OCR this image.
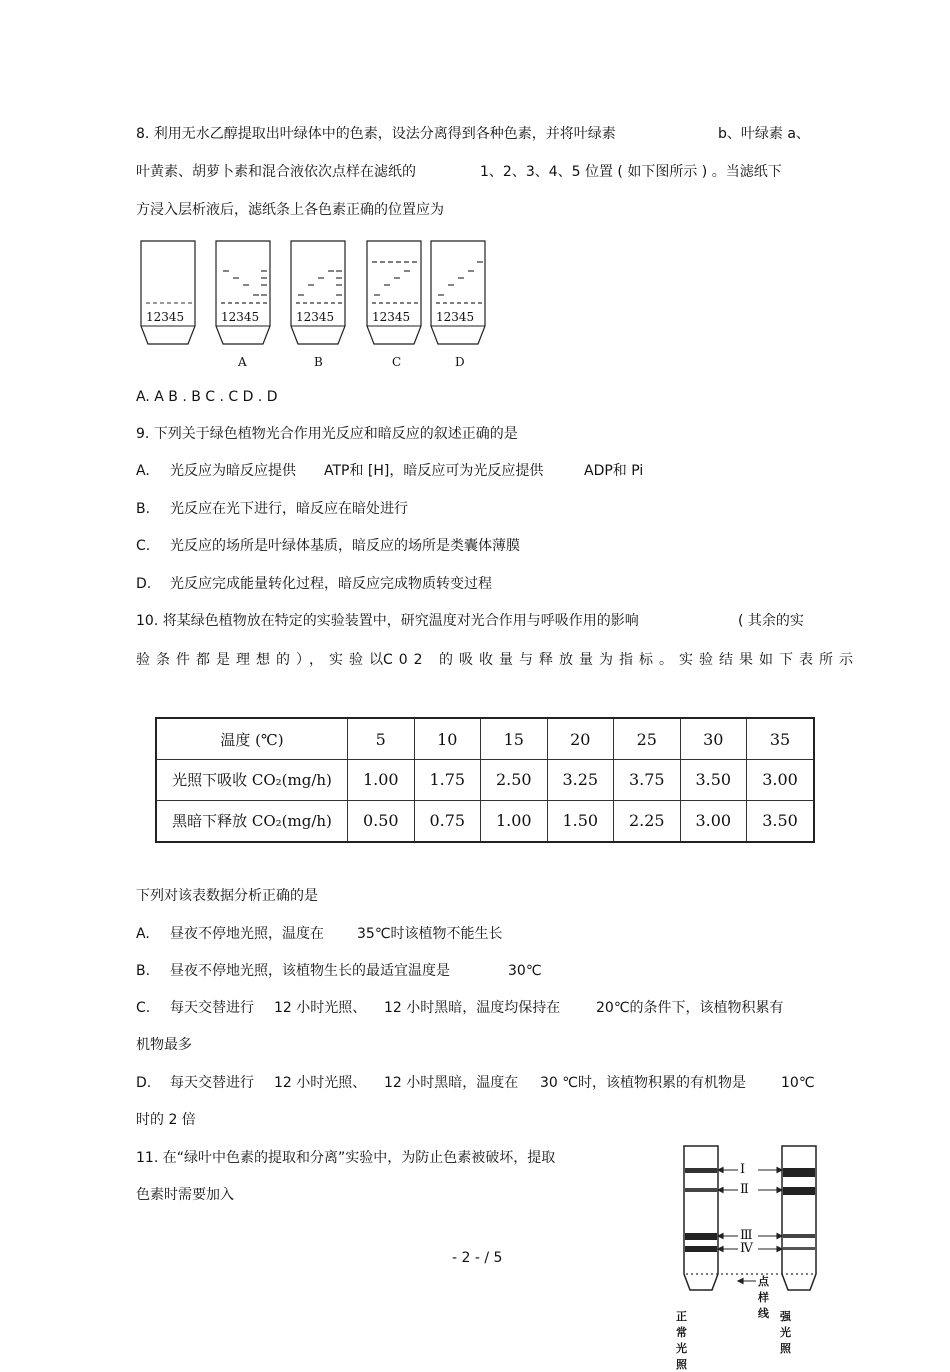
8. 利用无水乙醇提取出叶绿体中的色素，设法分离得到各种色素，并将叶绿素	b、叶绿素 a、
叶黄素、胡萝卜素和混合液依次点样在滤纸的	1、2、3、4、5 位置 ( 如下图所示 ) 。当滤纸下
方浸入层析液后，滤纸条上各色素正确的位置应为
12345	12345
A
12345
B
12345
C
12345
D
A. A B . B C . C D . D
9. 下列关于绿色植物光合作用光反应和暗反应的叙述正确的是
A. 光反应为暗反应提供 ATP和 [H]，暗反应可为光反应提供	ADP和 Pi
B. 光反应在光下进行，暗反应在暗处进行
C. 光反应的场所是叶绿体基质，暗反应的场所是类囊体薄膜
D. 光反应完成能量转化过程，暗反应完成物质转变过程
10. 将某绿色植物放在特定的实验装置中，研究温度对光合作用与呼吸作用的影响	( 其余的实
验条件都是理想的），实验以
C02 的吸收量与释放量为指标。实验结果如下表所示
温度 (℃)	5	10	15	20	25	30	35
光照下吸收 CO₂(mg/h)	1.00	1.75	2.50	3.25	3.75	3.50	3.00
黑暗下释放 CO₂(mg/h)	0.50	0.75	1.00	1.50	2.25	3.00	3.50
下列对该表数据分析正确的是
A. 昼夜不停地光照，温度在 35℃时该植物不能生长
B. 昼夜不停地光照，该植物生长的最适宜温度是	30℃
C. 每天交替进行 12 小时光照、 12 小时黑暗，温度均保持在	20℃的条件下，该植物积累有
机物最多
D. 每天交替进行 12 小时光照、 12 小时黑暗，温度在 30 ℃时，该植物积累的有机物是	10℃
时的 2 倍
11. 在“绿叶中色素的提取和分离”实验中，为防止色素被破坏，提取
色素时需要加入
Ⅰ
Ⅱ
Ⅲ
Ⅳ
点样线
正常光照
强光照
- 2 - / 5
